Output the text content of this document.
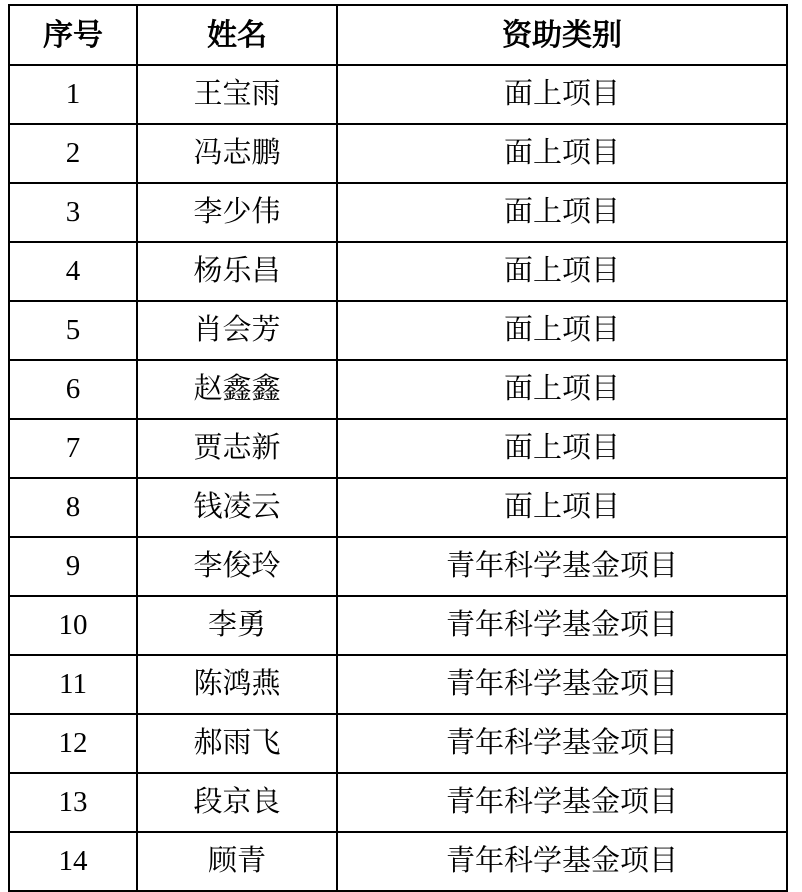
序号	姓名	资助类别
1	王宝雨	面上项目
2	冯志鹏	面上项目
3	李少伟	面上项目
4	杨乐昌	面上项目
5	肖会芳	面上项目
6	赵鑫鑫	面上项目
7	贾志新	面上项目
8	钱凌云	面上项目
9	李俊玲	青年科学基金项目
10	李勇	青年科学基金项目
11	陈鸿燕	青年科学基金项目
12	郝雨飞	青年科学基金项目
13	段京良	青年科学基金项目
14	顾青	青年科学基金项目
